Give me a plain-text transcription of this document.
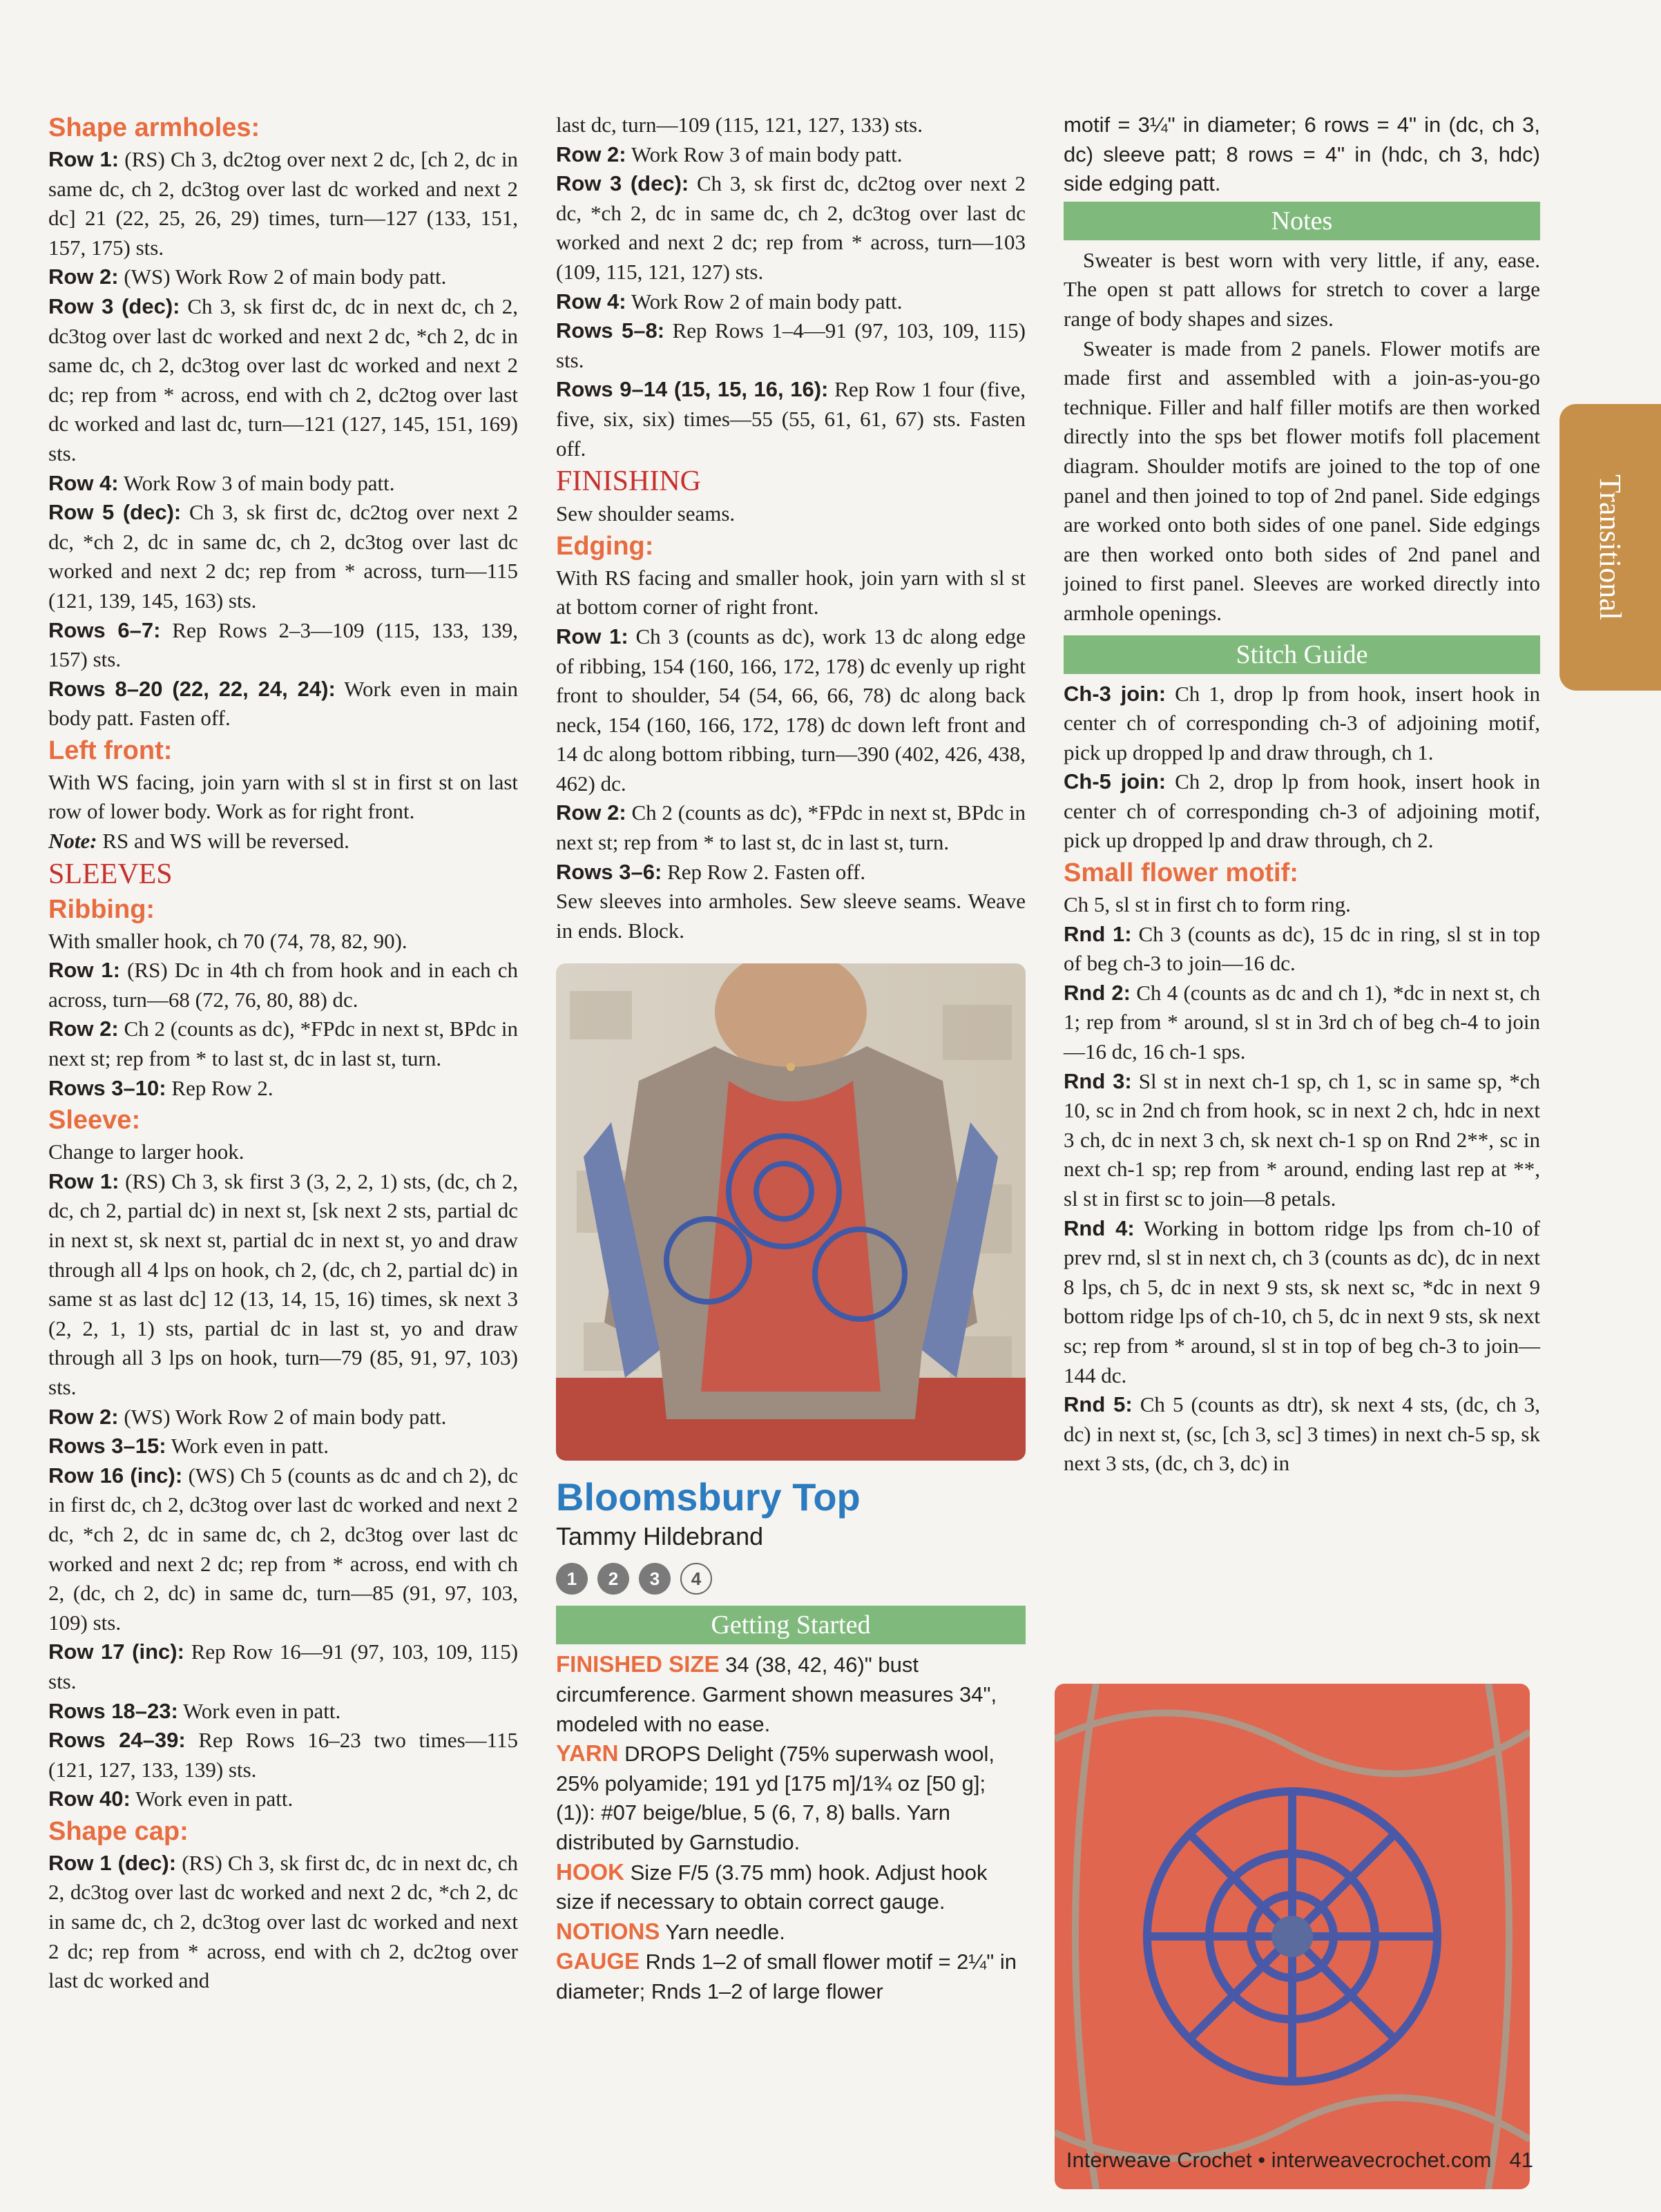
Shape armholes:

Row 1: (RS) Ch 3, dc2tog over next 2 dc, [ch 2, dc in same dc, ch 2, dc3tog over last dc worked and next 2 dc] 21 (22, 25, 26, 29) times, turn—127 (133, 151, 157, 175) sts.

Row 2: (WS) Work Row 2 of main body patt.

Row 3 (dec): Ch 3, sk first dc, dc in next dc, ch 2, dc3tog over last dc worked and next 2 dc, *ch 2, dc in same dc, ch 2, dc3tog over last dc worked and next 2 dc; rep from * across, end with ch 2, dc2tog over last dc worked and last dc, turn—121 (127, 145, 151, 169) sts.

Row 4: Work Row 3 of main body patt.

Row 5 (dec): Ch 3, sk first dc, dc2tog over next 2 dc, *ch 2, dc in same dc, ch 2, dc3tog over last dc worked and next 2 dc; rep from * across, turn—115 (121, 139, 145, 163) sts.

Rows 6–7: Rep Rows 2–3—109 (115, 133, 139, 157) sts.

Rows 8–20 (22, 22, 24, 24): Work even in main body patt. Fasten off.

Left front:

With WS facing, join yarn with sl st in first st on last row of lower body. Work as for right front.

Note: RS and WS will be reversed.

SLEEVES
Ribbing:

With smaller hook, ch 70 (74, 78, 82, 90).

Row 1: (RS) Dc in 4th ch from hook and in each ch across, turn—68 (72, 76, 80, 88) dc.

Row 2: Ch 2 (counts as dc), *FPdc in next st, BPdc in next st; rep from * to last st, dc in last st, turn.

Rows 3–10: Rep Row 2.

Sleeve:

Change to larger hook.

Row 1: (RS) Ch 3, sk first 3 (3, 2, 2, 1) sts, (dc, ch 2, dc, ch 2, partial dc) in next st, [sk next 2 sts, partial dc in next st, sk next st, partial dc in next st, yo and draw through all 4 lps on hook, ch 2, (dc, ch 2, partial dc) in same st as last dc] 12 (13, 14, 15, 16) times, sk next 3 (2, 2, 1, 1) sts, partial dc in last st, yo and draw through all 3 lps on hook, turn—79 (85, 91, 97, 103) sts.

Row 2: (WS) Work Row 2 of main body patt.

Rows 3–15: Work even in patt.

Row 16 (inc): (WS) Ch 5 (counts as dc and ch 2), dc in first dc, ch 2, dc3tog over last dc worked and next 2 dc, *ch 2, dc in same dc, ch 2, dc3tog over last dc worked and next 2 dc; rep from * across, end with ch 2, (dc, ch 2, dc) in same dc, turn—85 (91, 97, 103, 109) sts.

Row 17 (inc): Rep Row 16—91 (97, 103, 109, 115) sts.

Rows 18–23: Work even in patt.

Rows 24–39: Rep Rows 16–23 two times—115 (121, 127, 133, 139) sts.

Row 40: Work even in patt.

Shape cap:

Row 1 (dec): (RS) Ch 3, sk first dc, dc in next dc, ch 2, dc3tog over last dc worked and next 2 dc, *ch 2, dc in same dc, ch 2, dc3tog over last dc worked and next 2 dc; rep from * across, end with ch 2, dc2tog over last dc worked and

last dc, turn—109 (115, 121, 127, 133) sts.

Row 2: Work Row 3 of main body patt.

Row 3 (dec): Ch 3, sk first dc, dc2tog over next 2 dc, *ch 2, dc in same dc, ch 2, dc3tog over last dc worked and next 2 dc; rep from * across, turn—103 (109, 115, 121, 127) sts.

Row 4: Work Row 2 of main body patt.

Rows 5–8: Rep Rows 1–4—91 (97, 103, 109, 115) sts.

Rows 9–14 (15, 15, 16, 16): Rep Row 1 four (five, five, six, six) times—55 (55, 61, 61, 67) sts. Fasten off.

FINISHING

Sew shoulder seams.

Edging:

With RS facing and smaller hook, join yarn with sl st at bottom corner of right front.

Row 1: Ch 3 (counts as dc), work 13 dc along edge of ribbing, 154 (160, 166, 172, 178) dc evenly up right front to shoulder, 54 (54, 66, 66, 78) dc along back neck, 154 (160, 166, 172, 178) dc down left front and 14 dc along bottom ribbing, turn—390 (402, 426, 438, 462) dc.

Row 2: Ch 2 (counts as dc), *FPdc in next st, BPdc in next st; rep from * to last st, dc in last st, turn.

Rows 3–6: Rep Row 2. Fasten off.

Sew sleeves into armholes. Sew sleeve seams. Weave in ends. Block.

Bloomsbury Top
Tammy Hildebrand
1	2	3	4
Getting Started

FINISHED SIZE 34 (38, 42, 46)" bust circumference. Garment shown measures 34", modeled with no ease.

YARN DROPS Delight (75% superwash wool, 25% polyamide; 191 yd [175 m]/1¾ oz [50 g]; (1)): #07 beige/blue, 5 (6, 7, 8) balls. Yarn distributed by Garnstudio.

HOOK Size F/5 (3.75 mm) hook. Adjust hook size if necessary to obtain correct gauge.

NOTIONS Yarn needle.

GAUGE Rnds 1–2 of small flower motif = 2¼" in diameter; Rnds 1–2 of large flower

motif = 3¼" in diameter; 6 rows = 4" in (dc, ch 3, dc) sleeve patt; 8 rows = 4" in (hdc, ch 3, hdc) side edging patt.

Notes

Sweater is best worn with very little, if any, ease. The open st patt allows for stretch to cover a large range of body shapes and sizes.

Sweater is made from 2 panels. Flower motifs are made first and assembled with a join-as-you-go technique. Filler and half filler motifs are then worked directly into the sps bet flower motifs foll placement diagram. Shoulder motifs are joined to the top of one panel and then joined to top of 2nd panel. Side edgings are worked onto both sides of one panel. Side edgings are then worked onto both sides of 2nd panel and joined to first panel. Sleeves are worked directly into armhole openings.

Stitch Guide

Ch-3 join: Ch 1, drop lp from hook, insert hook in center ch of corresponding ch-3 of adjoining motif, pick up dropped lp and draw through, ch 1.

Ch-5 join: Ch 2, drop lp from hook, insert hook in center ch of corresponding ch-3 of adjoining motif, pick up dropped lp and draw through, ch 2.

Small flower motif:

Ch 5, sl st in first ch to form ring.

Rnd 1: Ch 3 (counts as dc), 15 dc in ring, sl st in top of beg ch-3 to join—16 dc.

Rnd 2: Ch 4 (counts as dc and ch 1), *dc in next st, ch 1; rep from * around, sl st in 3rd ch of beg ch-4 to join—16 dc, 16 ch-1 sps.

Rnd 3: Sl st in next ch-1 sp, ch 1, sc in same sp, *ch 10, sc in 2nd ch from hook, sc in next 2 ch, hdc in next 3 ch, dc in next 3 ch, sk next ch-1 sp on Rnd 2**, sc in next ch-1 sp; rep from * around, ending last rep at **, sl st in first sc to join—8 petals.

Rnd 4: Working in bottom ridge lps from ch-10 of prev rnd, sl st in next ch, ch 3 (counts as dc), dc in next 8 lps, ch 5, dc in next 9 sts, sk next sc, *dc in next 9 bottom ridge lps of ch-10, ch 5, dc in next 9 sts, sk next sc; rep from * around, sl st in top of beg ch-3 to join—144 dc.

Rnd 5: Ch 5 (counts as dtr), sk next 4 sts, (dc, ch 3, dc) in next st, (sc, [ch 3, sc] 3 times) in next ch-5 sp, sk next 3 sts, (dc, ch 3, dc) in

Transitional
Interweave Crochet • interweavecrochet.com 41
